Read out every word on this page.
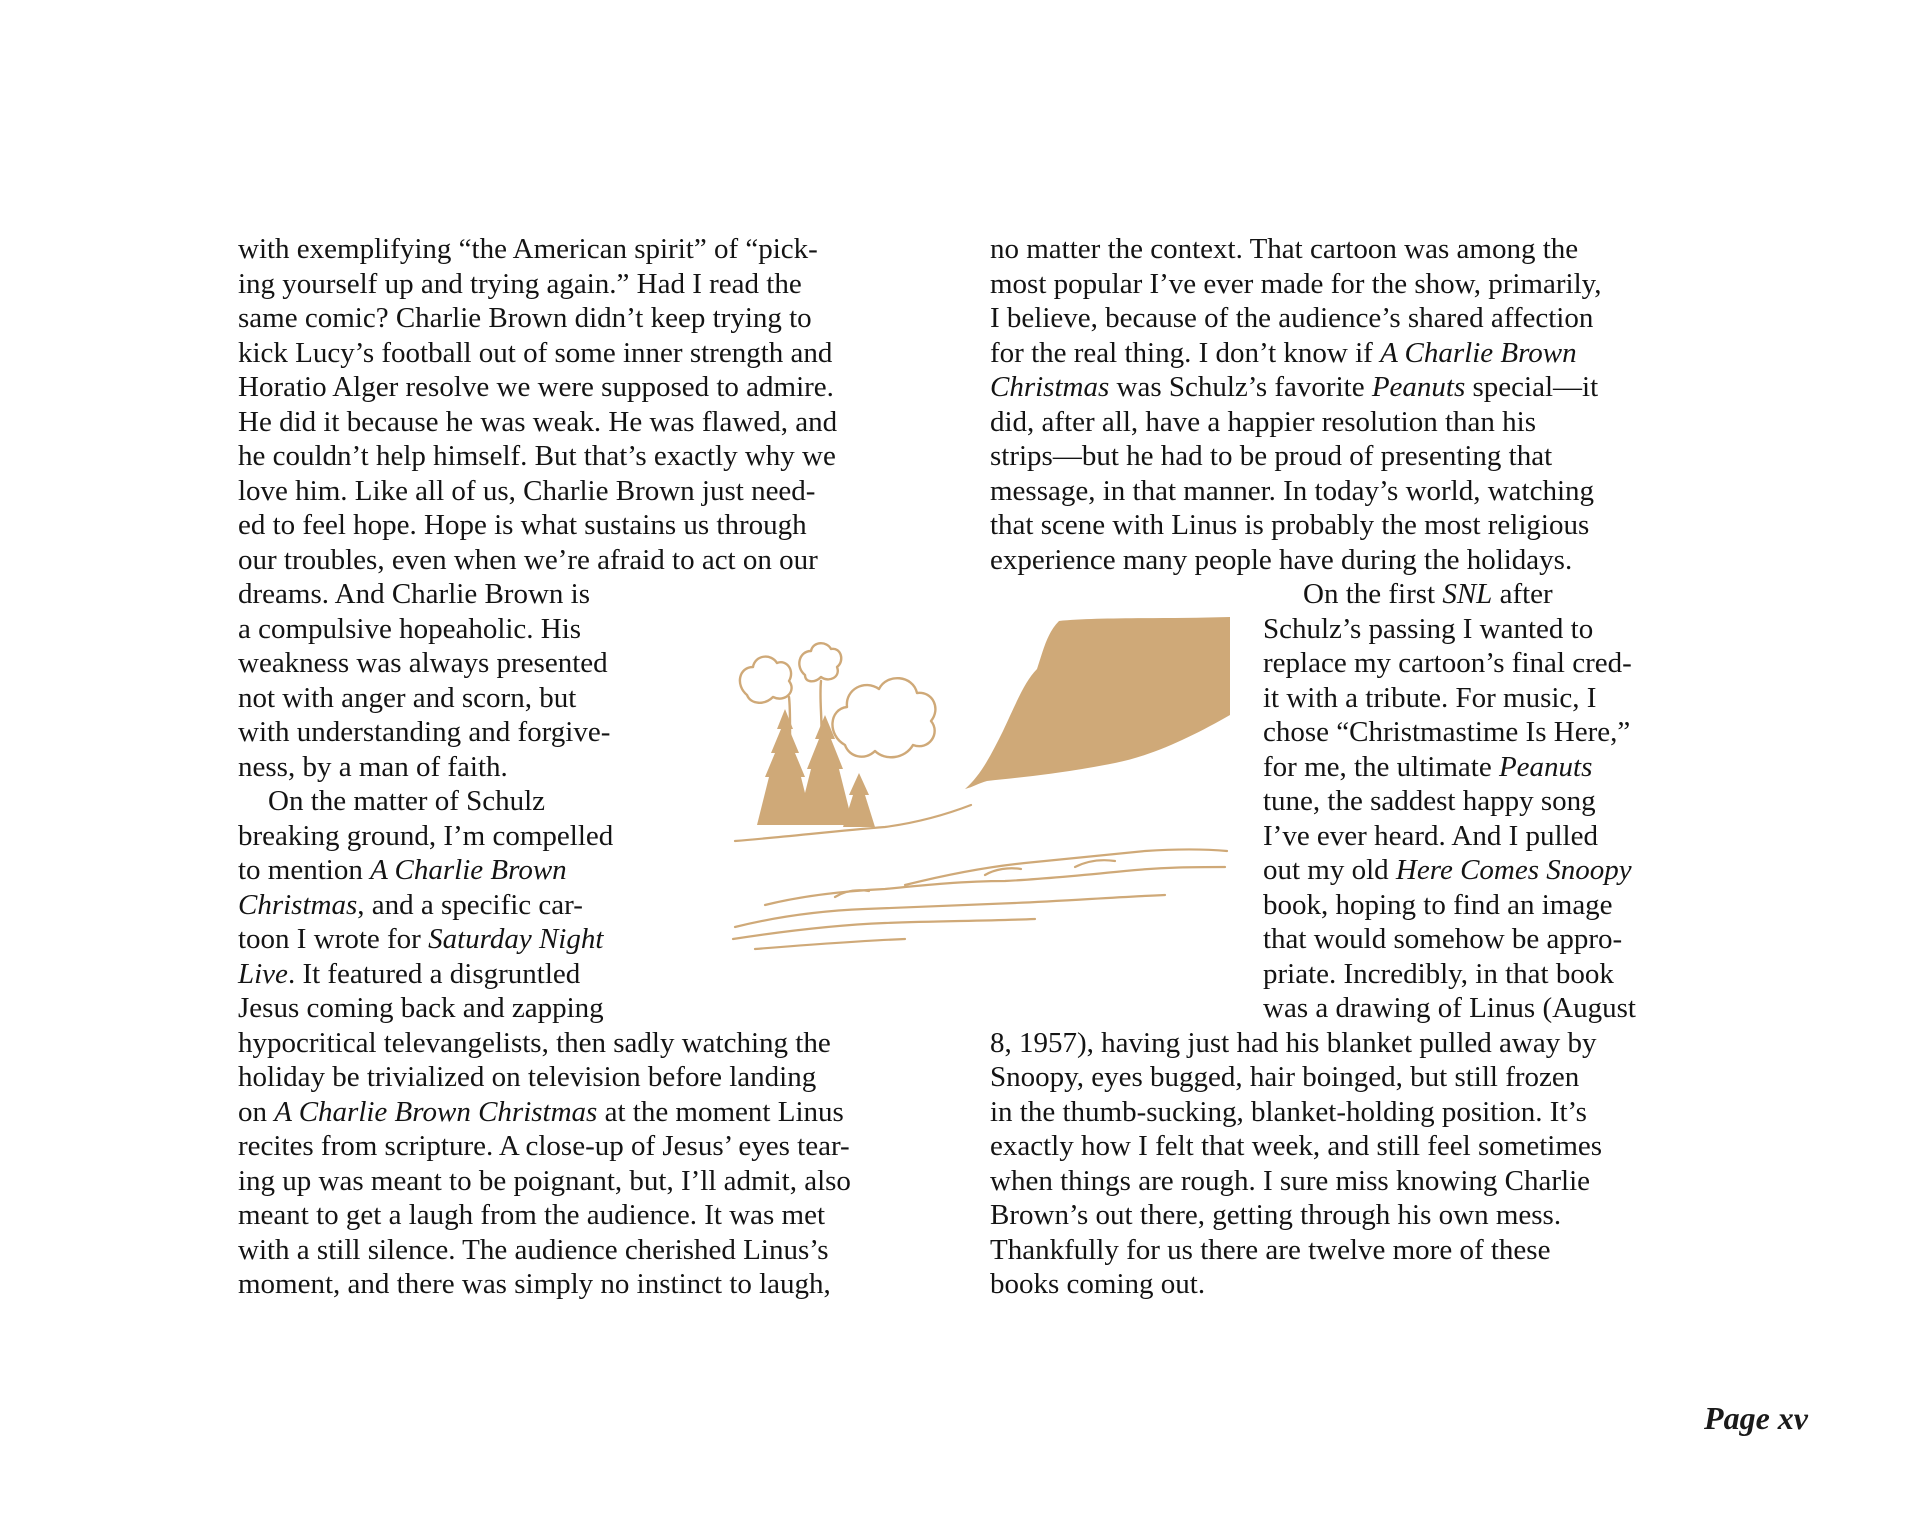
with exemplifying “the American spirit” of “pick-
ing yourself up and trying again.” Had I read the
same comic? Charlie Brown didn’t keep trying to
kick Lucy’s football out of some inner strength and
Horatio Alger resolve we were supposed to admire.
He did it because he was weak. He was flawed, and
he couldn’t help himself. But that’s exactly why we
love him. Like all of us, Charlie Brown just need-
ed to feel hope. Hope is what sustains us through
our troubles, even when we’re afraid to act on our
dreams. And Charlie Brown is
a compulsive hopeaholic. His
weakness was always presented
not with anger and scorn, but
with understanding and forgive-
ness, by a man of faith.
On the matter of Schulz
breaking ground, I’m compelled
to mention A Charlie Brown
Christmas, and a specific car-
toon I wrote for Saturday Night
Live. It featured a disgruntled
Jesus coming back and zapping
hypocritical televangelists, then sadly watching the
holiday be trivialized on television before landing
on A Charlie Brown Christmas at the moment Linus
recites from scripture. A close-up of Jesus’ eyes tear-
ing up was meant to be poignant, but, I’ll admit, also
meant to get a laugh from the audience. It was met
with a still silence. The audience cherished Linus’s
moment, and there was simply no instinct to laugh,
no matter the context. That cartoon was among the
most popular I’ve ever made for the show, primarily,
I believe, because of the audience’s shared affection
for the real thing. I don’t know if A Charlie Brown
Christmas was Schulz’s favorite Peanuts special—it
did, after all, have a happier resolution than his
strips—but he had to be proud of presenting that
message, in that manner. In today’s world, watching
that scene with Linus is probably the most religious
experience many people have during the holidays.
On the first SNL after
Schulz’s passing I wanted to
replace my cartoon’s final cred-
it with a tribute. For music, I
chose “Christmastime Is Here,”
for me, the ultimate Peanuts
tune, the saddest happy song
I’ve ever heard. And I pulled
out my old Here Comes Snoopy
book, hoping to find an image
that would somehow be appro-
priate. Incredibly, in that book
was a drawing of Linus (August
8, 1957), having just had his blanket pulled away by
Snoopy, eyes bugged, hair boinged, but still frozen
in the thumb-sucking, blanket-holding position. It’s
exactly how I felt that week, and still feel sometimes
when things are rough. I sure miss knowing Charlie
Brown’s out there, getting through his own mess.
Thankfully for us there are twelve more of these
books coming out.
Page xv
